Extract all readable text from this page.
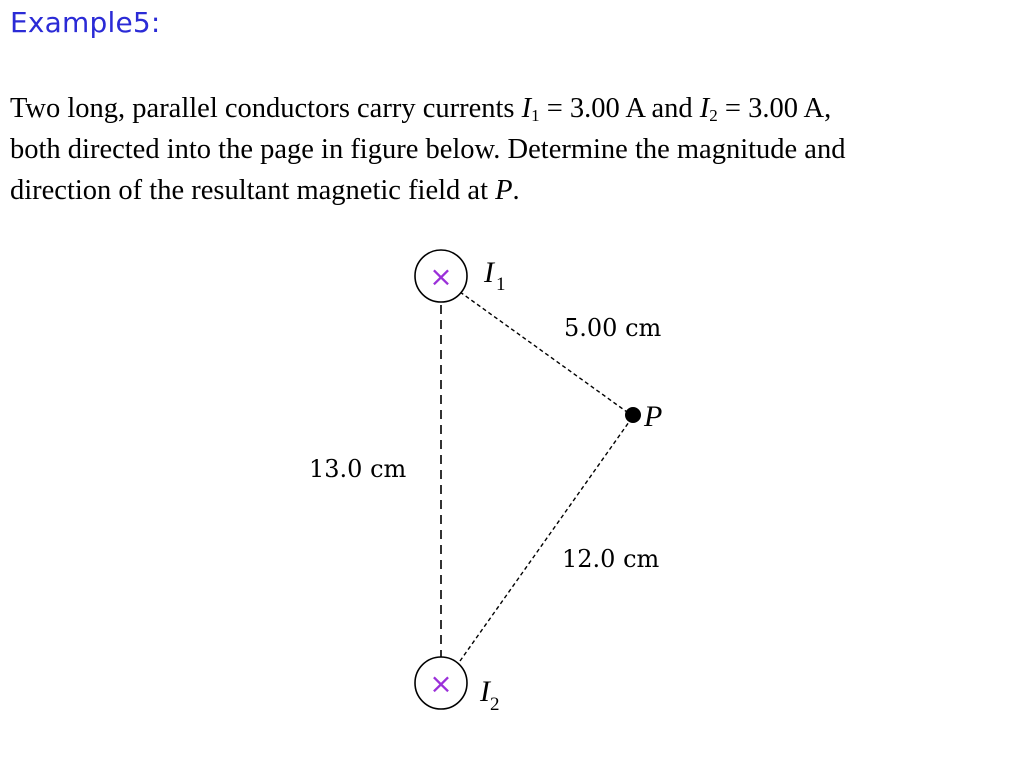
Example5:
Two long, parallel conductors carry currents $I_1 = 3.00$ A and $I_2 = 3.00$ A,
both directed into the page in figure below. Determine the magnitude and
direction of the resultant magnetic field at P.
× I 1
× I 2
P
5.00 cm
12.0 cm
13.0 cm
